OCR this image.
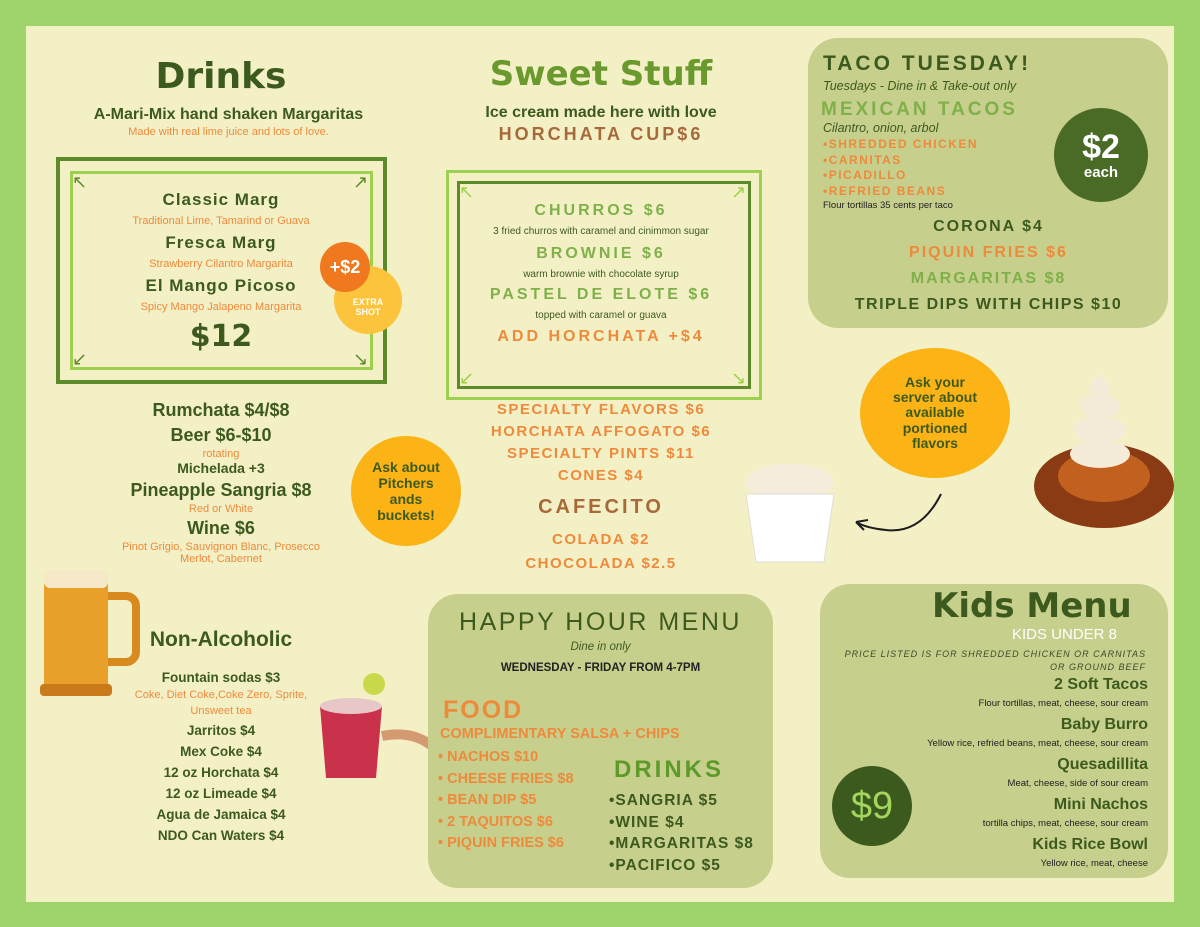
Drinks
A-Mari-Mix hand shaken Margaritas
Made with real lime juice and lots of love.
↖	↗
↙	↘
Classic Marg
Traditional Lime, Tamarind or Guava
Fresca Marg
Strawberry Cilantro Margarita
El Mango Picoso
Spicy Mango Jalapeno Margarita
$12
EXTRA SHOT
+$2
Rumchata $4/$8
Beer $6-$10
rotating
Michelada +3
Pineapple Sangria $8
Red or White
Wine $6
Pinot Grigio, Sauvignon Blanc, Prosecco
Merlot, Cabernet
Ask about Pitchers ands buckets!
Non-Alcoholic
Fountain sodas $3
Coke, Diet Coke,Coke Zero, Sprite,
Unsweet tea
Jarritos $4
Mex Coke $4
12 oz Horchata $4
12 oz Limeade $4
Agua de Jamaica $4
NDO Can Waters $4
Sweet Stuff
Ice cream made here with love
HORCHATA CUP$6
↖	↗
↙	↘
CHURROS $6
3 fried churros with caramel and cinimmon sugar
BROWNIE $6
warm brownie with chocolate syrup
PASTEL DE ELOTE $6
topped with caramel or guava
ADD HORCHATA +$4
SPECIALTY FLAVORS $6
HORCHATA AFFOGATO $6
SPECIALTY PINTS $11
CONES $4
CAFECITO
COLADA $2
CHOCOLADA $2.5
Ask your server about available portioned flavors
TACO TUESDAY!
Tuesdays - Dine in & Take-out only
MEXICAN TACOS
Cilantro, onion, arbol
•SHREDDED CHICKEN
•CARNITAS
•PICADILLO
•REFRIED BEANS
Flour tortillas 35 cents per taco
$2
each
CORONA $4
PIQUIN FRIES $6
MARGARITAS $8
TRIPLE DIPS WITH CHIPS $10
HAPPY HOUR MENU
Dine in only
WEDNESDAY - FRIDAY FROM 4-7PM
FOOD
COMPLIMENTARY SALSA + CHIPS
• NACHOS $10
• CHEESE FRIES $8
• BEAN DIP $5
• 2 TAQUITOS $6
• PIQUIN FRIES $6
DRINKS
•SANGRIA $5
•WINE $4
•MARGARITAS $8
•PACIFICO $5
Kids Menu
KIDS UNDER 8
PRICE LISTED IS FOR SHREDDED CHICKEN OR CARNITAS OR GROUND BEEF
$9
2 Soft Tacos
Flour tortillas, meat, cheese, sour cream
Baby Burro
Yellow rice, refried beans, meat, cheese, sour cream
Quesadillita
Meat, cheese, side of sour cream
Mini Nachos
tortilla chips, meat, cheese, sour cream
Kids Rice Bowl
Yellow rice, meat, cheese
